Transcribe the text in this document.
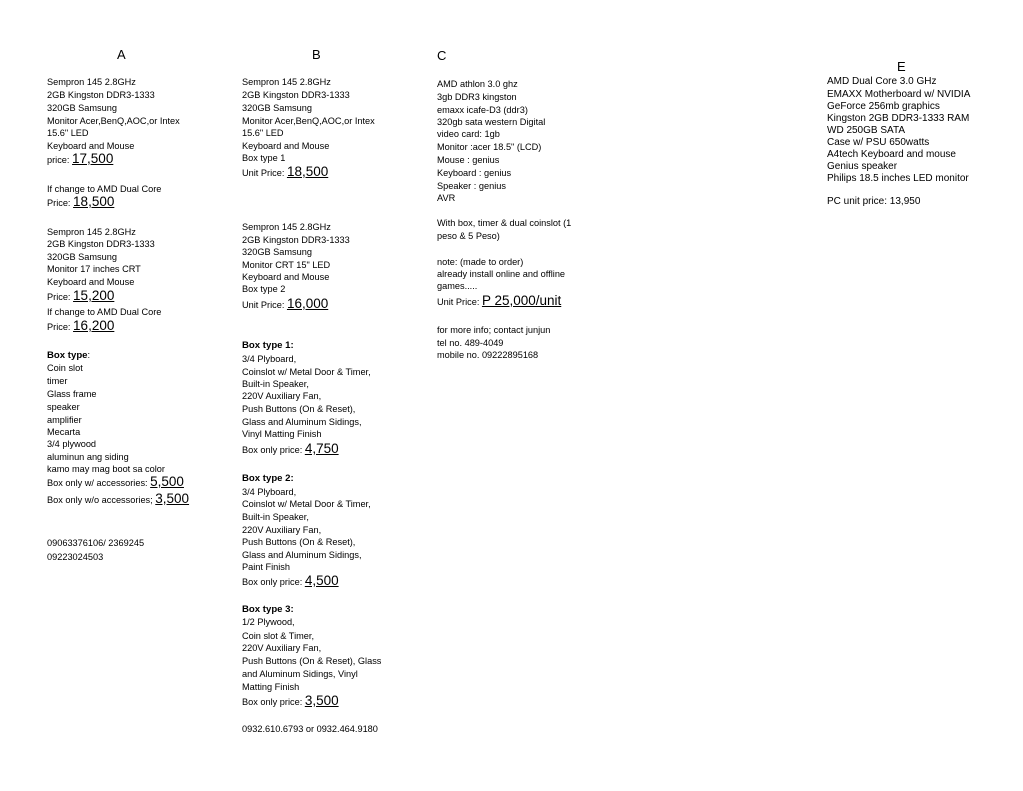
A
Sempron 145 2.8GHz
2GB Kingston DDR3-1333
320GB Samsung
Monitor Acer,BenQ,AOC,or Intex
15.6" LED
Keyboard and Mouse
price: 17,500
If change to AMD Dual Core
Price: 18,500
Sempron 145 2.8GHz
2GB Kingston DDR3-1333
320GB Samsung
Monitor 17 inches CRT
Keyboard and Mouse
Price: 15,200
If change to AMD Dual Core
Price: 16,200
Box type:
Coin slot
timer
Glass frame
speaker
amplifier
Mecarta
3/4 plywood
aluminun ang siding
kamo may mag boot sa color
Box only w/ accessories: 5,500
Box only w/o accessories; 3,500
09063376106/ 2369245
09223024503
B
Sempron 145 2.8GHz
2GB Kingston DDR3-1333
320GB Samsung
Monitor Acer,BenQ,AOC,or Intex
15.6" LED
Keyboard and Mouse
Box type 1
Unit Price: 18,500
Sempron 145 2.8GHz
2GB Kingston DDR3-1333
320GB Samsung
Monitor CRT 15" LED
Keyboard and Mouse
Box type 2
Unit Price: 16,000
Box type 1:
3/4 Plyboard,
Coinslot w/ Metal Door & Timer,
Built-in Speaker,
220V Auxiliary Fan,
Push Buttons (On & Reset),
Glass and Aluminum Sidings,
Vinyl Matting Finish
Box only price: 4,750
Box type 2:
3/4 Plyboard,
Coinslot w/ Metal Door & Timer,
Built-in Speaker,
220V Auxiliary Fan,
Push Buttons (On & Reset),
Glass and Aluminum Sidings,
Paint Finish
Box only price: 4,500
Box type 3:
1/2 Plywood,
Coin slot & Timer,
220V Auxiliary Fan,
Push Buttons (On & Reset), Glass
and Aluminum Sidings, Vinyl
Matting Finish
Box only price: 3,500
0932.610.6793 or 0932.464.9180
C
AMD athlon 3.0 ghz
3gb DDR3 kingston
emaxx icafe-D3 (ddr3)
320gb sata western Digital
video card: 1gb
Monitor :acer 18.5" (LCD)
Mouse : genius
Keyboard : genius
Speaker : genius
AVR
With box, timer & dual coinslot (1
peso & 5 Peso)
note: (made to order)
already install online and offline
games.....
Unit Price: P 25,000/unit
for more info; contact junjun
tel no. 489-4049
mobile no. 09222895168
E
AMD Dual Core 3.0 GHz
EMAXX Motherboard w/ NVIDIA
GeForce 256mb graphics
Kingston 2GB DDR3-1333 RAM
WD 250GB SATA
Case w/ PSU 650watts
A4tech Keyboard and mouse
Genius speaker
Philips 18.5 inches LED monitor
PC unit price: 13,950
